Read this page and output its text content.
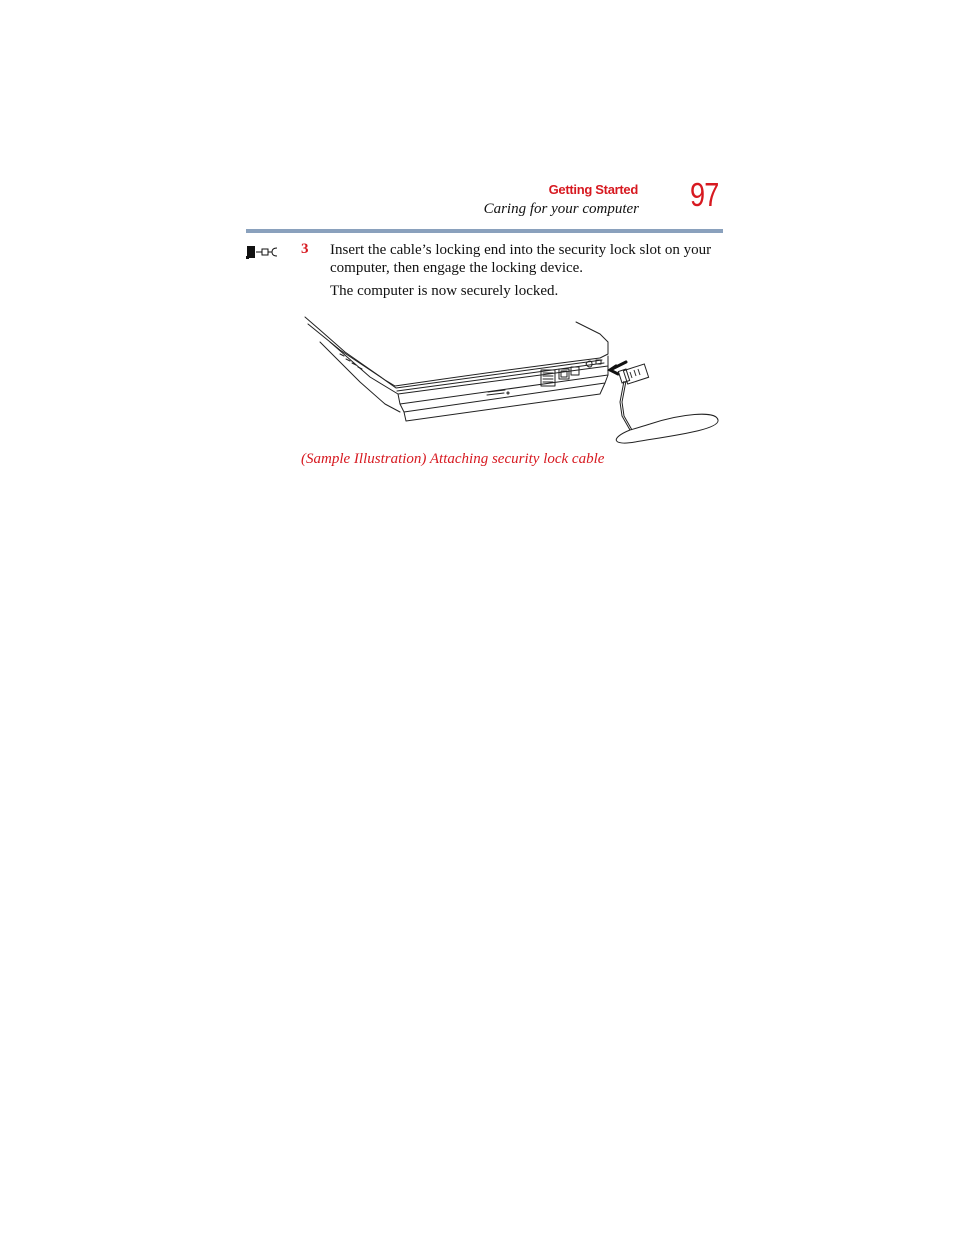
Getting Started
Caring for your computer 97
3 Insert the cable’s locking end into the security lock slot on your computer, then engage the locking device.
The computer is now securely locked.
(Sample Illustration) Attaching security lock cable
